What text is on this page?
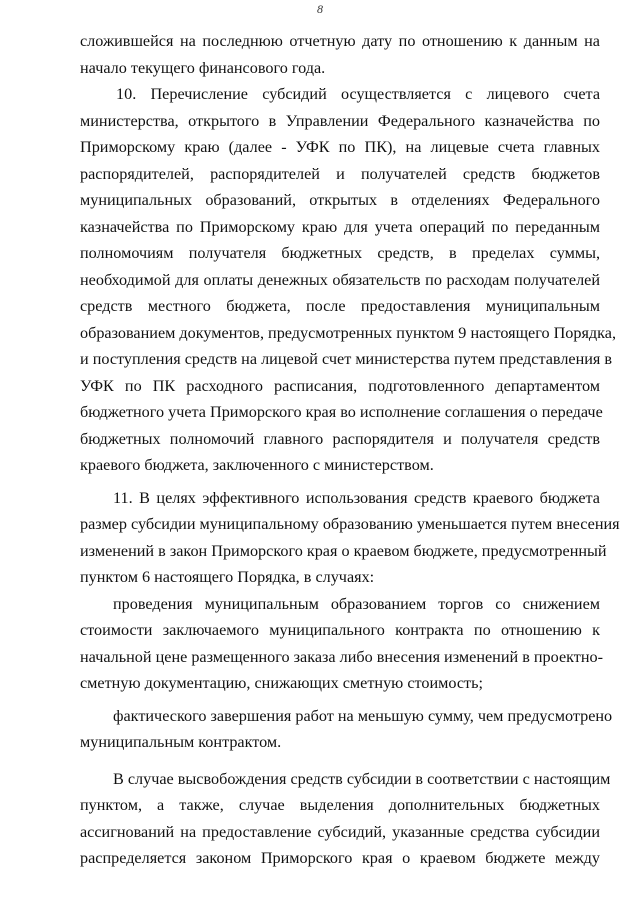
8
сложившейся на последнюю отчетную дату по отношению к данным на
начало текущего финансового года.
10. Перечисление субсидий осуществляется с лицевого счета
министерства, открытого в Управлении Федерального казначейства по
Приморскому краю (далее - УФК по ПК), на лицевые счета главных
распорядителей, распорядителей и получателей средств бюджетов
муниципальных образований, открытых в отделениях Федерального
казначейства по Приморскому краю для учета операций по переданным
полномочиям получателя бюджетных средств, в пределах суммы,
необходимой для оплаты денежных обязательств по расходам получателей
средств местного бюджета, после предоставления муниципальным
образованием документов, предусмотренных пунктом 9 настоящего Порядка,
и поступления средств на лицевой счет министерства путем представления в
УФК по ПК расходного расписания, подготовленного департаментом
бюджетного учета Приморского края во исполнение соглашения о передаче
бюджетных полномочий главного распорядителя и получателя средств
краевого бюджета, заключенного с министерством.
11. В целях эффективного использования средств краевого бюджета
размер субсидии муниципальному образованию уменьшается путем внесения
изменений в закон Приморского края о краевом бюджете, предусмотренный
пунктом 6 настоящего Порядка, в случаях:
проведения муниципальным образованием торгов со снижением
стоимости заключаемого муниципального контракта по отношению к
начальной цене размещенного заказа либо внесения изменений в проектно-
сметную документацию, снижающих сметную стоимость;
фактического завершения работ на меньшую сумму, чем предусмотрено
муниципальным контрактом.
В случае высвобождения средств субсидии в соответствии с настоящим
пунктом, а также, случае выделения дополнительных бюджетных
ассигнований на предоставление субсидий, указанные средства субсидии
распределяется законом Приморского края о краевом бюджете между
